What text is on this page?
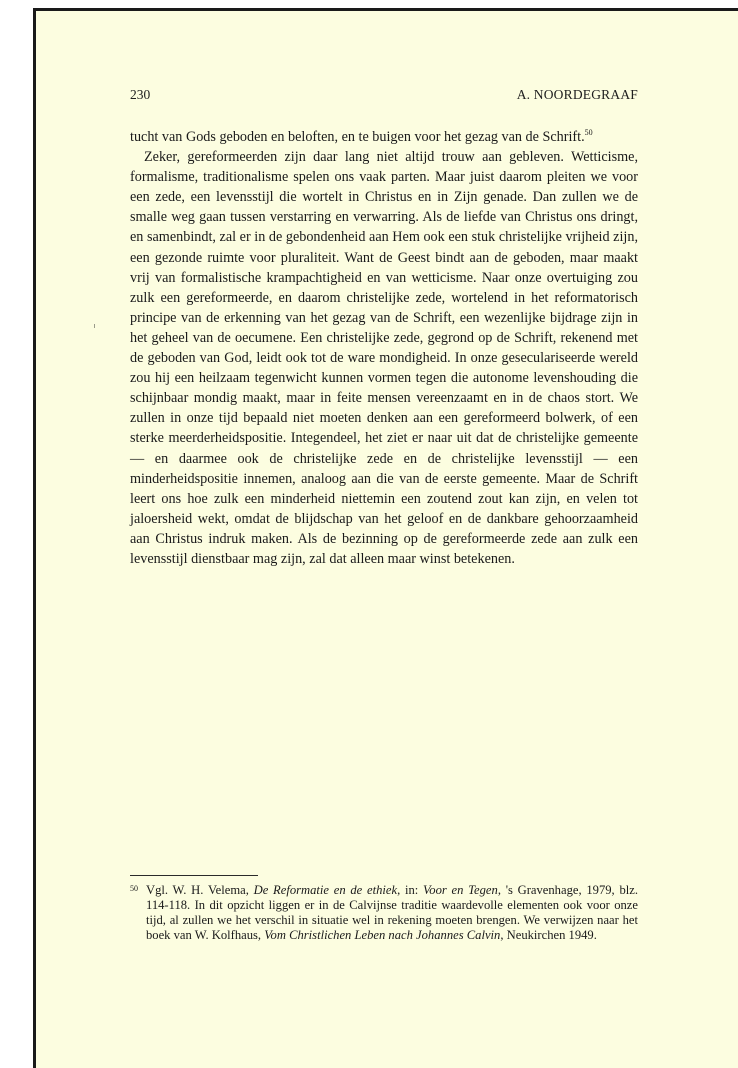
230	A. NOORDEGRAAF

tucht van Gods geboden en beloften, en te buigen voor het gezag van de Schrift.$^{50}$

Zeker, gereformeerden zijn daar lang niet altijd trouw aan gebleven. Wetticisme, formalisme, traditionalisme spelen ons vaak parten. Maar juist daarom pleiten we voor een zede, een levensstijl die wortelt in Christus en in Zijn genade. Dan zullen we de smalle weg gaan tussen verstarring en verwarring. Als de liefde van Christus ons dringt, en samenbindt, zal er in de gebondenheid aan Hem ook een stuk christelijke vrijheid zijn, een gezonde ruimte voor pluraliteit. Want de Geest bindt aan de geboden, maar maakt vrij van formalistische krampachtigheid en van wetticisme. Naar onze overtuiging zou zulk een gereformeerde, en daarom christelijke zede, wortelend in het reformatorisch principe van de erkenning van het gezag van de Schrift, een wezenlijke bijdrage zijn in het geheel van de oecumene. Een christelijke zede, gegrond op de Schrift, rekenend met de geboden van God, leidt ook tot de ware mondigheid. In onze geseculariseerde wereld zou hij een heilzaam tegenwicht kunnen vormen tegen die autonome levenshouding die schijnbaar mondig maakt, maar in feite mensen vereenzaamt en in de chaos stort. We zullen in onze tijd bepaald niet moeten denken aan een gereformeerd bolwerk, of een sterke meerderheidspositie. Integendeel, het ziet er naar uit dat de christelijke gemeente — en daarmee ook de christelijke zede en de christelijke levensstijl — een minderheidspositie innemen, analoog aan die van de eerste gemeente. Maar de Schrift leert ons hoe zulk een minderheid niettemin een zoutend zout kan zijn, en velen tot jaloersheid wekt, omdat de blijdschap van het geloof en de dankbare gehoorzaamheid aan Christus indruk maken. Als de bezinning op de gereformeerde zede aan zulk een levensstijl dienstbaar mag zijn, zal dat alleen maar winst betekenen.

50 Vgl. W. H. Velema, De Reformatie en de ethiek, in: Voor en Tegen, 's Gravenhage, 1979, blz. 114-118. In dit opzicht liggen er in de Calvijnse traditie waardevolle elementen ook voor onze tijd, al zullen we het verschil in situatie wel in rekening moeten brengen. We verwijzen naar het boek van W. Kolfhaus, Vom Christlichen Leben nach Johannes Calvin, Neukirchen 1949.
